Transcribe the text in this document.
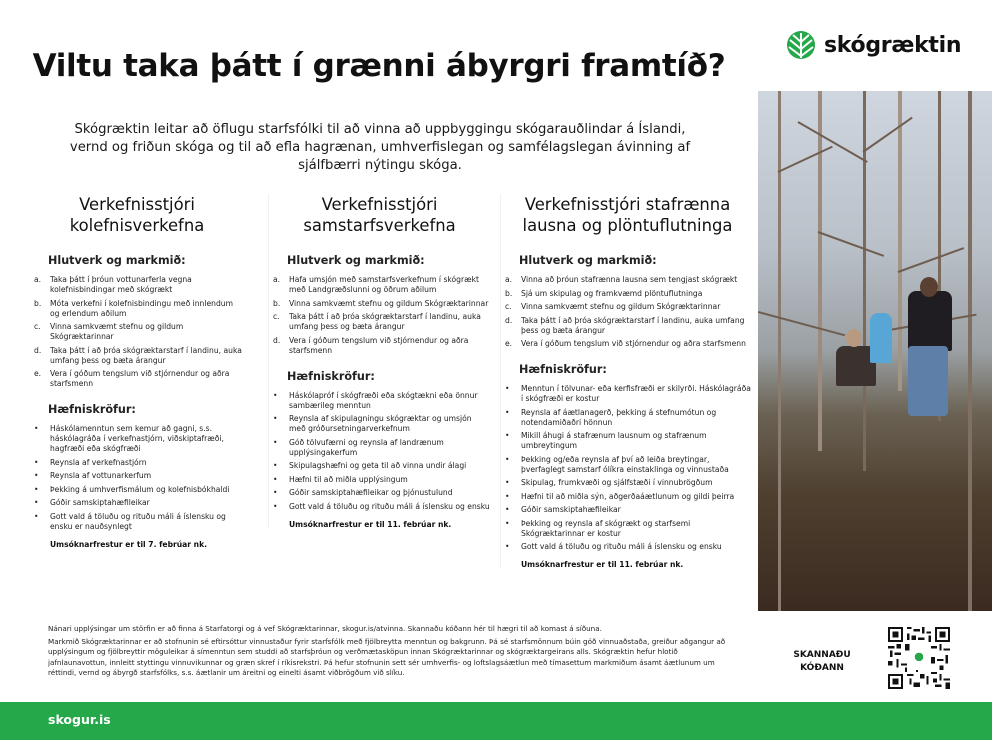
Viltu taka þátt í grænni ábyrgri framtíð?

Skógræktin leitar að öflugu starfsfólki til að vinna að uppbyggingu skógarauðlindar á Íslandi, vernd og friðun skóga og til að efla hagrænan, umhverfislegan og samfélagslegan ávinning af sjálfbærri nýtingu skóga.

Verkefnisstjóri
kolefnisverkefna
Hlutverk og markmið:
a. Taka þátt í þróun vottunarferla vegna kolefnisbindingar með skógrækt
b. Móta verkefni í kolefnisbindingu með innlendum og erlendum aðilum
c. Vinna samkvæmt stefnu og gildum Skógræktarinnar
d. Taka þátt í að þróa skógræktarstarf í landinu, auka umfang þess og bæta árangur
e. Vera í góðum tengslum við stjórnendur og aðra starfsmenn
Hæfniskröfur:
• Háskólamenntun sem kemur að gagni, s.s. háskólagráða í verkefnastjórn, viðskiptafræði, hagfræði eða skógfræði
• Reynsla af verkefnastjórn
• Reynsla af vottunarkerfum
• Þekking á umhverfismálum og kolefnisbókhaldi
• Góðir samskiptahæfileikar
• Gott vald á töluðu og rituðu máli á íslensku og ensku er nauðsynlegt

Umsóknarfrestur er til 7. febrúar nk.

Verkefnisstjóri
samstarfsverkefna
Hlutverk og markmið:
a. Hafa umsjón með samstarfsverkefnum í skógrækt með Landgræðslunni og öðrum aðilum
b. Vinna samkvæmt stefnu og gildum Skógræktarinnar
c. Taka þátt í að þróa skógræktarstarf í landinu, auka umfang þess og bæta árangur
d. Vera í góðum tengslum við stjórnendur og aðra starfsmenn
Hæfniskröfur:
• Háskólapróf í skógfræði eða skógtækni eða önnur sambærileg menntun
• Reynsla af skipulagningu skógræktar og umsjón með gróðursetningarverkefnum
• Góð tölvufærni og reynsla af landrænum upplýsingakerfum
• Skipulagshæfni og geta til að vinna undir álagi
• Hæfni til að miðla upplýsingum
• Góðir samskiptahæfileikar og þjónustulund
• Gott vald á töluðu og rituðu máli á íslensku og ensku

Umsóknarfrestur er til 11. febrúar nk.

Verkefnisstjóri stafrænna
lausna og plöntuflutninga
Hlutverk og markmið:
a. Vinna að þróun stafrænna lausna sem tengjast skógrækt
b. Sjá um skipulag og framkvæmd plöntuflutninga
c. Vinna samkvæmt stefnu og gildum Skógræktarinnar
d. Taka þátt í að þróa skógræktarstarf í landinu, auka umfang þess og bæta árangur
e. Vera í góðum tengslum við stjórnendur og aðra starfsmenn
Hæfniskröfur:
• Menntun í tölvunar- eða kerfisfræði er skilyrði. Háskólagráða í skógfræði er kostur
• Reynsla af áætlanagerð, þekking á stefnumótun og notendamiðaðri hönnun
• Mikill áhugi á stafrænum lausnum og stafrænum umbreytingum
• Þekking og/eða reynsla af því að leiða breytingar, þverfaglegt samstarf ólíkra einstaklinga og vinnustaða
• Skipulag, frumkvæði og sjálfstæði í vinnubrögðum
• Hæfni til að miðla sýn, aðgerðaáætlunum og gildi þeirra
• Góðir samskiptahæfileikar
• Þekking og reynsla af skógrækt og starfsemi Skógræktarinnar er kostur
• Gott vald á töluðu og rituðu máli á íslensku og ensku

Umsóknarfrestur er til 11. febrúar nk.

Nánari upplýsingar um störfin er að finna á Starfatorgi og á vef Skógræktarinnar, skogur.is/atvinna. Skannaðu kóðann hér til hægri til að komast á síðuna.

Markmið Skógræktarinnar er að stofnunin sé eftirsóttur vinnustaður fyrir starfsfólk með fjölbreytta menntun og bakgrunn. Þá sé starfsmönnum búin góð vinnuaðstaða, greiður aðgangur að upplýsingum og fjölbreyttir möguleikar á símenntun sem studdi að starfsþróun og verðmætasköpun innan Skógræktarinnar og skógræktargeirans alls. Skógræktin hefur hlotið jafnlaunavottun, innleitt styttingu vinnuvikunnar og græn skref í ríkisrekstri. Þá hefur stofnunin sett sér umhverfis- og loftslagsáætlun með tímasettum markmiðum ásamt áætlunum um réttindi, vernd og ábyrgð starfsfólks, s.s. áætlanir um áreitni og einelti ásamt viðbrögðum við slíku.

skógræktin
SKANNAÐU
KÓÐANN
skogur.is
